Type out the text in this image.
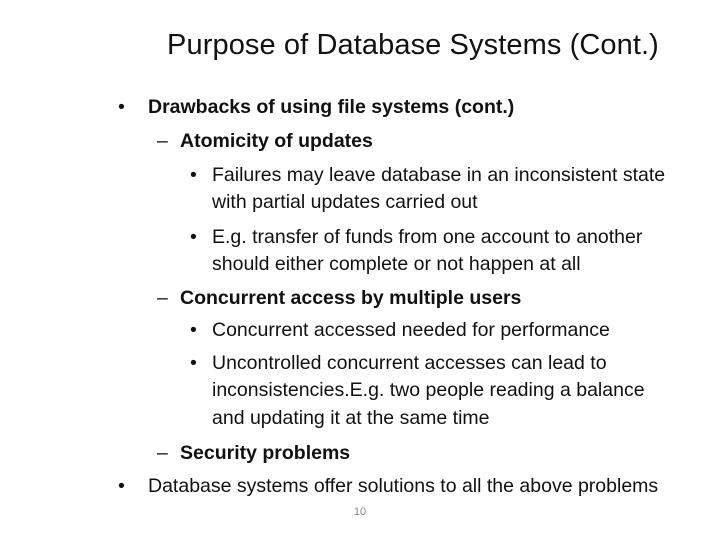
Purpose of Database Systems (Cont.)
• Drawbacks of using file systems (cont.)
– Atomicity of updates
• Failures may leave database in an inconsistent state
with partial updates carried out
• E.g. transfer of funds from one account to another
should either complete or not happen at all
– Concurrent access by multiple users
• Concurrent accessed needed for performance
• Uncontrolled concurrent accesses can lead to
inconsistencies.E.g. two people reading a balance
and updating it at the same time
– Security problems
• Database systems offer solutions to all the above problems
10
